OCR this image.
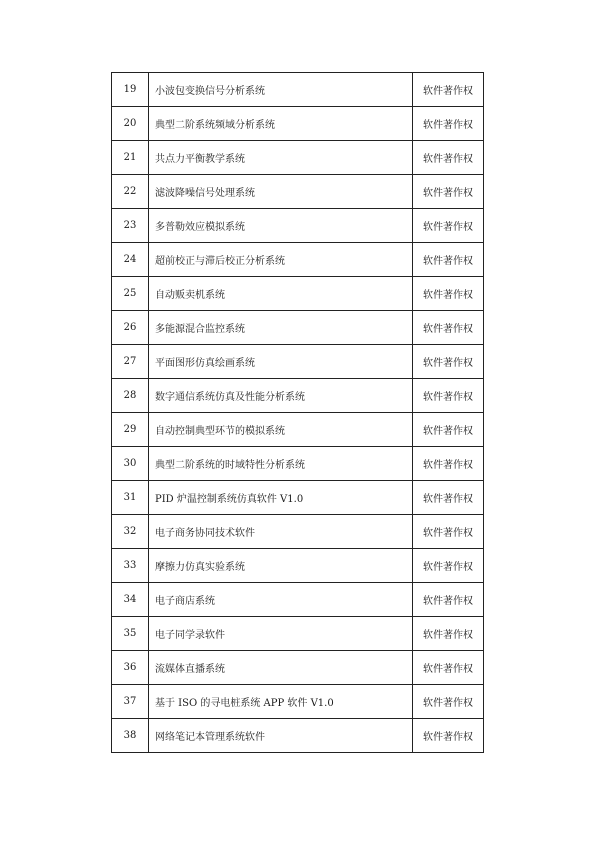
19	小波包变换信号分析系统	软件著作权
20	典型二阶系统频域分析系统	软件著作权
21	共点力平衡教学系统	软件著作权
22	滤波降噪信号处理系统	软件著作权
23	多普勒效应模拟系统	软件著作权
24	超前校正与滞后校正分析系统	软件著作权
25	自动贩卖机系统	软件著作权
26	多能源混合监控系统	软件著作权
27	平面图形仿真绘画系统	软件著作权
28	数字通信系统仿真及性能分析系统	软件著作权
29	自动控制典型环节的模拟系统	软件著作权
30	典型二阶系统的时域特性分析系统	软件著作权
31	PID 炉温控制系统仿真软件 V1.0	软件著作权
32	电子商务协同技术软件	软件著作权
33	摩擦力仿真实验系统	软件著作权
34	电子商店系统	软件著作权
35	电子同学录软件	软件著作权
36	流媒体直播系统	软件著作权
37	基于 ISO 的寻电桩系统 APP 软件 V1.0	软件著作权
38	网络笔记本管理系统软件	软件著作权
